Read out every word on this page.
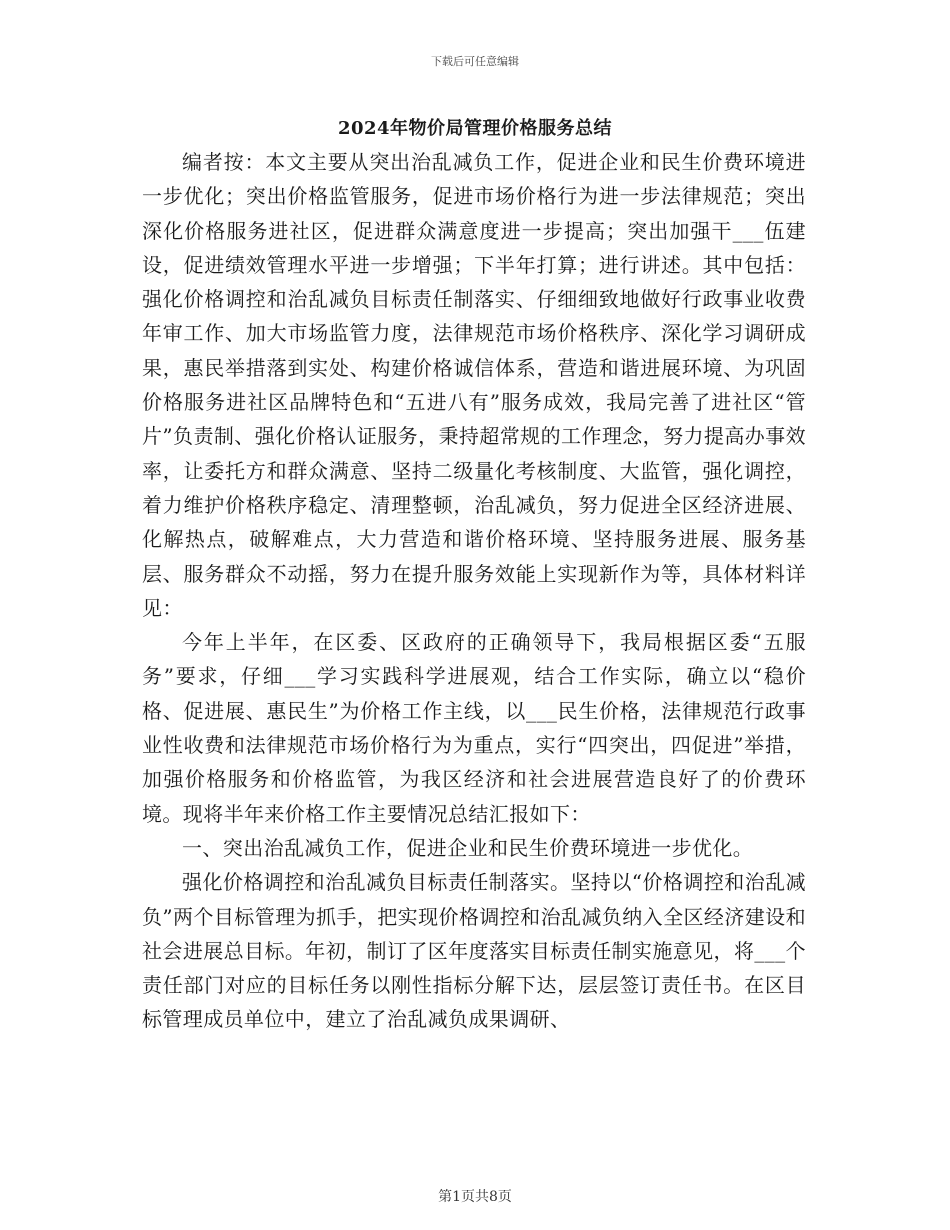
下载后可任意编辑
2024年物价局管理价格服务总结

编者按：本文主要从突出治乱减负工作，促进企业和民生价费环境进一步优化；突出价格监管服务，促进市场价格行为进一步法律规范；突出深化价格服务进社区，促进群众满意度进一步提高；突出加强干___伍建设，促进绩效管理水平进一步增强；下半年打算；进行讲述。其中包括：强化价格调控和治乱减负目标责任制落实、仔细细致地做好行政事业收费年审工作、加大市场监管力度，法律规范市场价格秩序、深化学习调研成果，惠民举措落到实处、构建价格诚信体系，营造和谐进展环境、为巩固价格服务进社区品牌特色和“五进八有”服务成效，我局完善了进社区“管片”负责制、强化价格认证服务，秉持超常规的工作理念，努力提高办事效率，让委托方和群众满意、坚持二级量化考核制度、大监管，强化调控，着力维护价格秩序稳定、清理整顿，治乱减负，努力促进全区经济进展、化解热点，破解难点，大力营造和谐价格环境、坚持服务进展、服务基层、服务群众不动摇，努力在提升服务效能上实现新作为等，具体材料详见：

今年上半年，在区委、区政府的正确领导下，我局根据区委“五服务”要求，仔细___学习实践科学进展观，结合工作实际，确立以“稳价格、促进展、惠民生”为价格工作主线，以___民生价格，法律规范行政事业性收费和法律规范市场价格行为为重点，实行“四突出，四促进”举措，加强价格服务和价格监管，为我区经济和社会进展营造良好了的价费环境。现将半年来价格工作主要情况总结汇报如下：

一、突出治乱减负工作，促进企业和民生价费环境进一步优化。

强化价格调控和治乱减负目标责任制落实。坚持以“价格调控和治乱减负”两个目标管理为抓手，把实现价格调控和治乱减负纳入全区经济建设和社会进展总目标。年初，制订了区年度落实目标责任制实施意见，将___个责任部门对应的目标任务以刚性指标分解下达，层层签订责任书。在区目标管理成员单位中，建立了治乱减负成果调研、

第1页共8页
